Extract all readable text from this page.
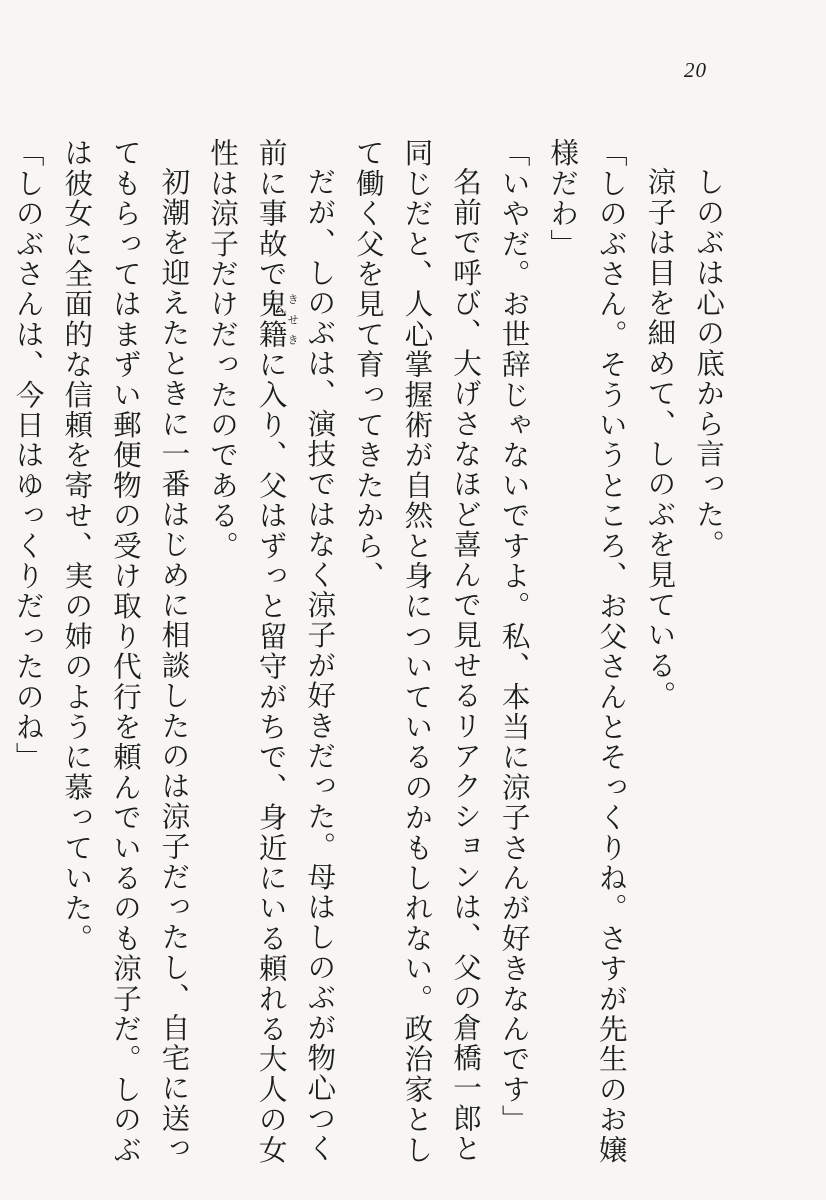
20

しのぶは心の底から言った。

涼子は目を細めて、しのぶを見ている。

「しのぶさん。そういうところ、お父さんとそっくりね。さすが先生のお嬢様だわ」

「いやだ。お世辞じゃないですよ。私、本当に涼子さんが好きなんです」

名前で呼び、大げさなほど喜んで見せるリアクションは、父の倉橋一郎と同じだと、人心掌握術が自然と身についているのかもしれない。政治家として働く父を見て育ってきたから、

だが、しのぶは、演技ではなく涼子が好きだった。母はしのぶが物心つく前に事故で鬼籍きせきに入り、父はずっと留守がちで、身近にいる頼れる大人の女性は涼子だけだったのである。

初潮を迎えたときに一番はじめに相談したのは涼子だったし、自宅に送ってもらってはまずい郵便物の受け取り代行を頼んでいるのも涼子だ。しのぶは彼女に全面的な信頼を寄せ、実の姉のように慕っていた。

「しのぶさんは、今日はゆっくりだったのね」
